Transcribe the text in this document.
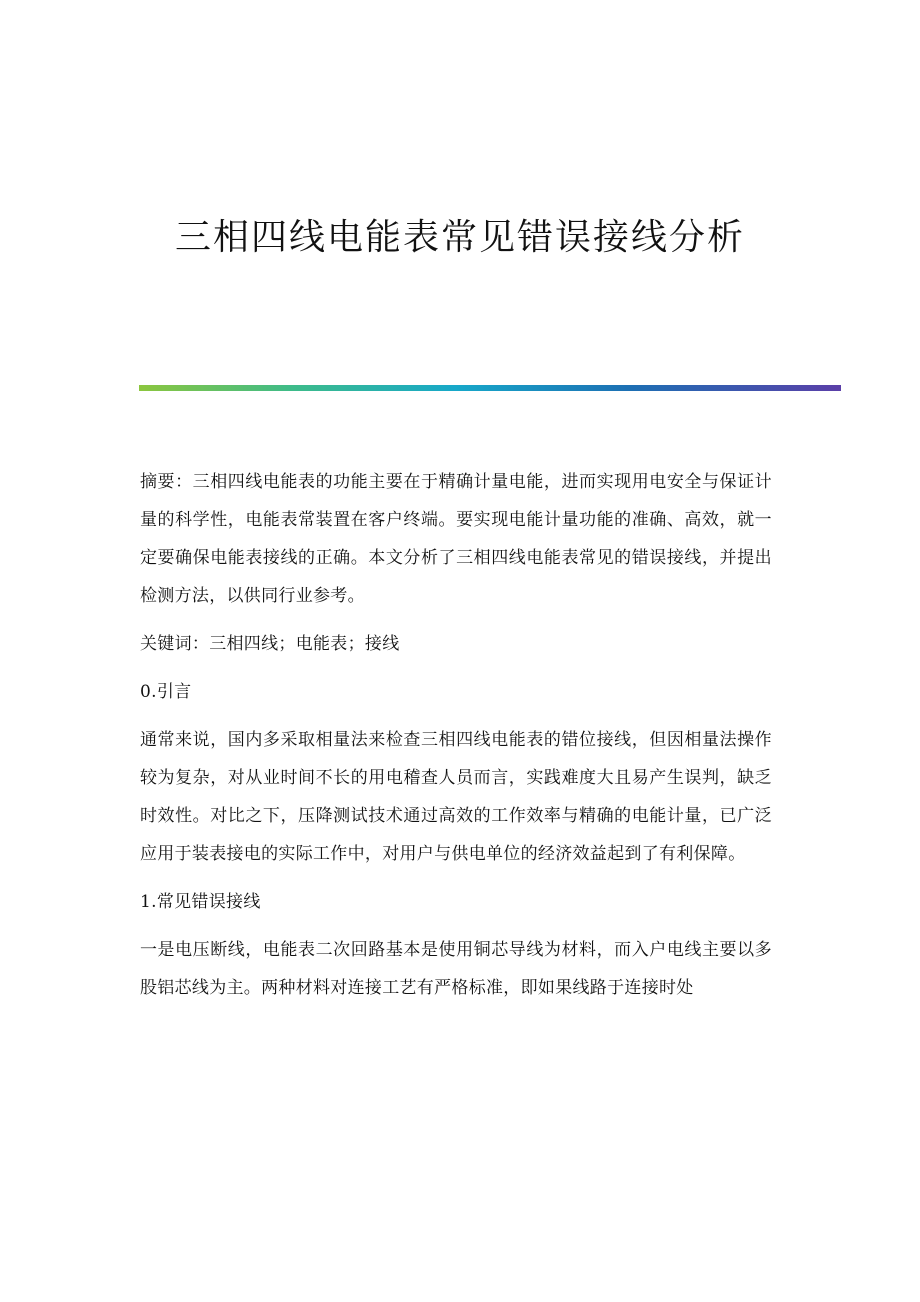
三相四线电能表常见错误接线分析

摘要：三相四线电能表的功能主要在于精确计量电能，进而实现用电安全与保证计量的科学性，电能表常装置在客户终端。要实现电能计量功能的准确、高效，就一定要确保电能表接线的正确。本文分析了三相四线电能表常见的错误接线，并提出检测方法，以供同行业参考。

关键词：三相四线；电能表；接线

0.引言

通常来说，国内多采取相量法来检查三相四线电能表的错位接线，但因相量法操作较为复杂，对从业时间不长的用电稽查人员而言，实践难度大且易产生误判，缺乏时效性。对比之下，压降测试技术通过高效的工作效率与精确的电能计量，已广泛应用于装表接电的实际工作中，对用户与供电单位的经济效益起到了有利保障。

1.常见错误接线

一是电压断线，电能表二次回路基本是使用铜芯导线为材料，而入户电线主要以多股铝芯线为主。两种材料对连接工艺有严格标准，即如果线路于连接时处
